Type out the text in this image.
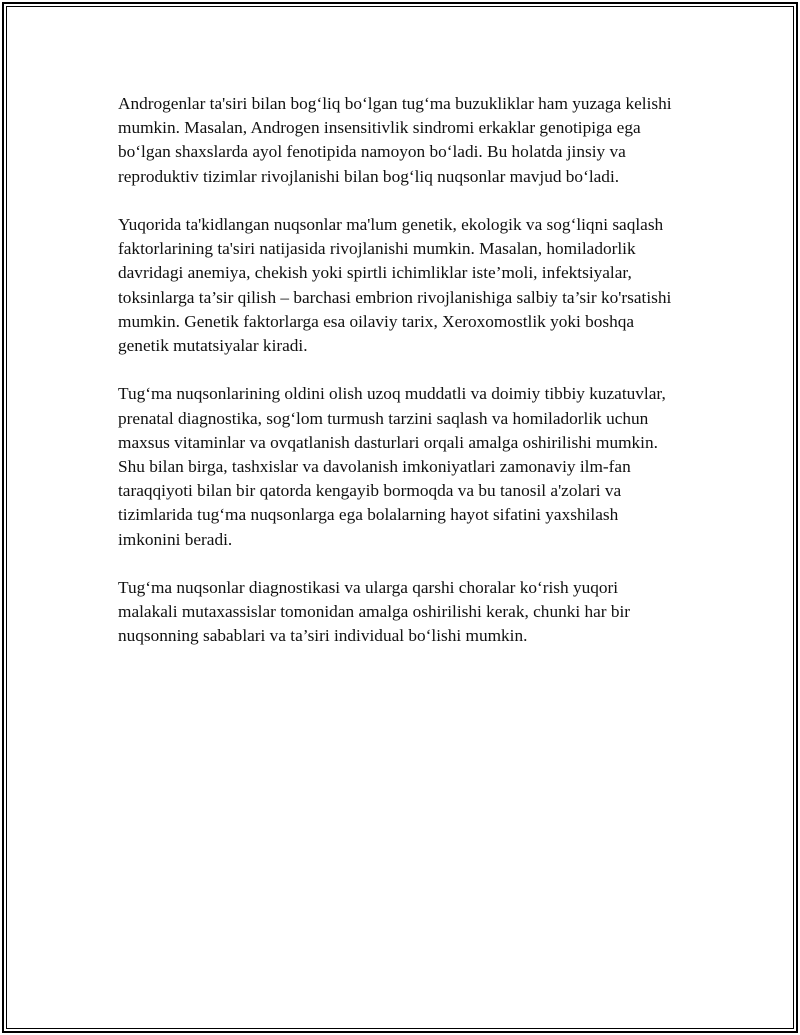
Androgenlar ta'siri bilan bog‘liq bo‘lgan tug‘ma buzukliklar ham yuzaga kelishi mumkin. Masalan, Androgen insensitivlik sindromi erkaklar genotipiga ega bo‘lgan shaxslarda ayol fenotipida namoyon bo‘ladi. Bu holatda jinsiy va reproduktiv tizimlar rivojlanishi bilan bog‘liq nuqsonlar mavjud bo‘ladi.

Yuqorida ta'kidlangan nuqsonlar ma'lum genetik, ekologik va sog‘liqni saqlash faktorlarining ta'siri natijasida rivojlanishi mumkin. Masalan, homiladorlik davridagi anemiya, chekish yoki spirtli ichimliklar iste’moli, infektsiyalar, toksinlarga ta’sir qilish – barchasi embrion rivojlanishiga salbiy ta’sir ko'rsatishi mumkin. Genetik faktorlarga esa oilaviy tarix, Xeroxomostlik yoki boshqa genetik mutatsiyalar kiradi.

Tug‘ma nuqsonlarining oldini olish uzoq muddatli va doimiy tibbiy kuzatuvlar, prenatal diagnostika, sog‘lom turmush tarzini saqlash va homiladorlik uchun maxsus vitaminlar va ovqatlanish dasturlari orqali amalga oshirilishi mumkin. Shu bilan birga, tashxislar va davolanish imkoniyatlari zamonaviy ilm-fan taraqqiyoti bilan bir qatorda kengayib bormoqda va bu tanosil a'zolari va tizimlarida tug‘ma nuqsonlarga ega bolalarning hayot sifatini yaxshilash imkonini beradi.

Tug‘ma nuqsonlar diagnostikasi va ularga qarshi choralar ko‘rish yuqori malakali mutaxassislar tomonidan amalga oshirilishi kerak, chunki har bir nuqsonning sabablari va ta’siri individual bo‘lishi mumkin.
